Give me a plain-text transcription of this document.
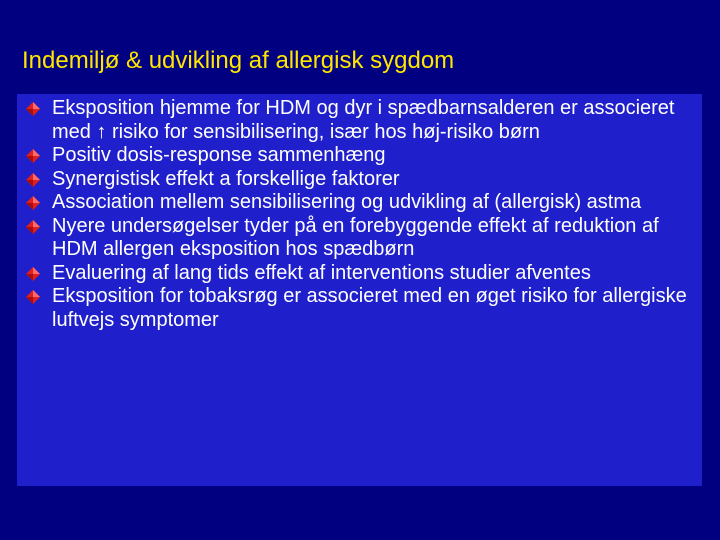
Indemiljø & udvikling af allergisk sygdom
Eksposition hjemme for HDM og dyr i spædbarnsalderen er associeret med ↑ risiko for sensibilisering, især hos høj-risiko børn
Positiv dosis-response sammenhæng
Synergistisk effekt a forskellige faktorer
Association mellem sensibilisering og udvikling af (allergisk) astma
Nyere undersøgelser tyder på en forebyggende effekt af reduktion af HDM allergen eksposition hos spædbørn
Evaluering af lang tids effekt af interventions studier afventes
Eksposition for tobaksrøg er associeret med en øget risiko for allergiske luftvejs symptomer
